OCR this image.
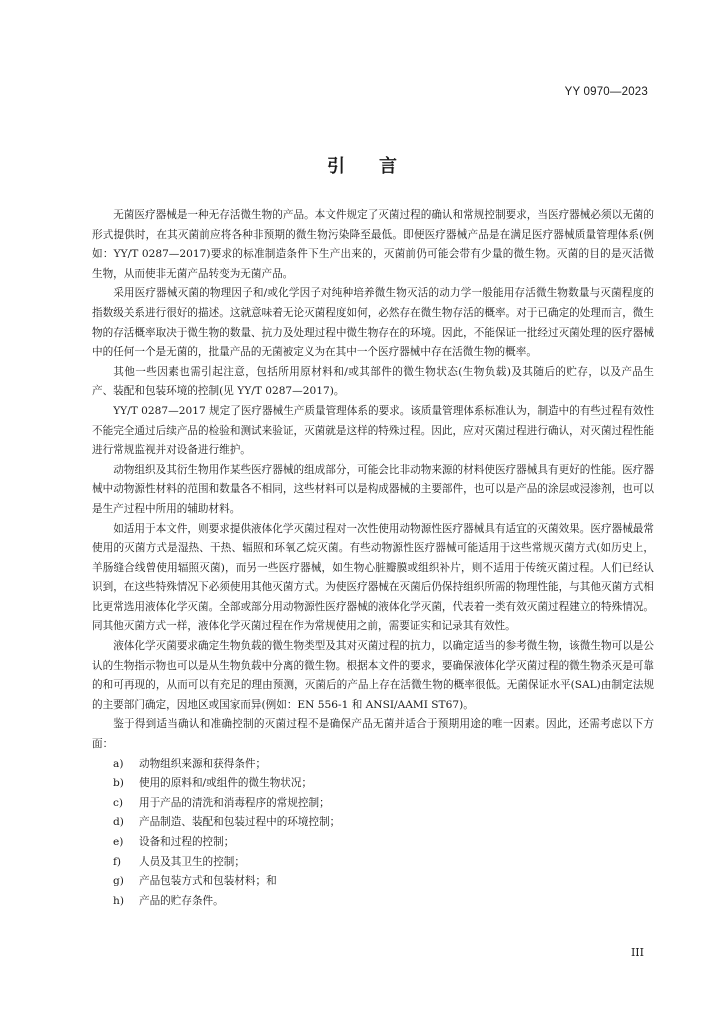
YY 0970—2023
引言

无菌医疗器械是一种无存活微生物的产品。本文件规定了灭菌过程的确认和常规控制要求，当医疗器械必须以无菌的形式提供时，在其灭菌前应将各种非预期的微生物污染降至最低。即便医疗器械产品是在满足医疗器械质量管理体系(例如：YY/T 0287—2017)要求的标准制造条件下生产出来的，灭菌前仍可能会带有少量的微生物。灭菌的目的是灭活微生物，从而使非无菌产品转变为无菌产品。

采用医疗器械灭菌的物理因子和/或化学因子对纯种培养微生物灭活的动力学一般能用存活微生物数量与灭菌程度的指数级关系进行很好的描述。这就意味着无论灭菌程度如何，必然存在微生物存活的概率。对于已确定的处理而言，微生物的存活概率取决于微生物的数量、抗力及处理过程中微生物存在的环境。因此，不能保证一批经过灭菌处理的医疗器械中的任何一个是无菌的，批量产品的无菌被定义为在其中一个医疗器械中存在活微生物的概率。

其他一些因素也需引起注意，包括所用原材料和/或其部件的微生物状态(生物负载)及其随后的贮存，以及产品生产、装配和包装环境的控制(见 YY/T 0287—2017)。

YY/T 0287—2017 规定了医疗器械生产质量管理体系的要求。该质量管理体系标准认为，制造中的有些过程有效性不能完全通过后续产品的检验和测试来验证，灭菌就是这样的特殊过程。因此，应对灭菌过程进行确认，对灭菌过程性能进行常规监视并对设备进行维护。

动物组织及其衍生物用作某些医疗器械的组成部分，可能会比非动物来源的材料使医疗器械具有更好的性能。医疗器械中动物源性材料的范围和数量各不相同，这些材料可以是构成器械的主要部件，也可以是产品的涂层或浸渗剂，也可以是生产过程中所用的辅助材料。

如适用于本文件，则要求提供液体化学灭菌过程对一次性使用动物源性医疗器械具有适宜的灭菌效果。医疗器械最常使用的灭菌方式是湿热、干热、辐照和环氧乙烷灭菌。有些动物源性医疗器械可能适用于这些常规灭菌方式(如历史上，羊肠缝合线曾使用辐照灭菌)，而另一些医疗器械，如生物心脏瓣膜或组织补片，则不适用于传统灭菌过程。人们已经认识到，在这些特殊情况下必须使用其他灭菌方式。为使医疗器械在灭菌后仍保持组织所需的物理性能，与其他灭菌方式相比更常选用液体化学灭菌。全部或部分用动物源性医疗器械的液体化学灭菌，代表着一类有效灭菌过程建立的特殊情况。同其他灭菌方式一样，液体化学灭菌过程在作为常规使用之前，需要证实和记录其有效性。

液体化学灭菌要求确定生物负载的微生物类型及其对灭菌过程的抗力，以确定适当的参考微生物，该微生物可以是公认的生物指示物也可以是从生物负载中分离的微生物。根据本文件的要求，要确保液体化学灭菌过程的微生物杀灭是可靠的和可再现的，从而可以有充足的理由预测，灭菌后的产品上存在活微生物的概率很低。无菌保证水平(SAL)由制定法规的主要部门确定，因地区或国家而异(例如：EN 556-1 和 ANSI/AAMI ST67)。

鉴于得到适当确认和准确控制的灭菌过程不是确保产品无菌并适合于预期用途的唯一因素。因此，还需考虑以下方面：

a)	动物组织来源和获得条件；
b)	使用的原料和/或组件的微生物状况；
c)	用于产品的清洗和消毒程序的常规控制；
d)	产品制造、装配和包装过程中的环境控制；
e)	设备和过程的控制；
f)	人员及其卫生的控制；
g)	产品包装方式和包装材料；和
h)	产品的贮存条件。
III
